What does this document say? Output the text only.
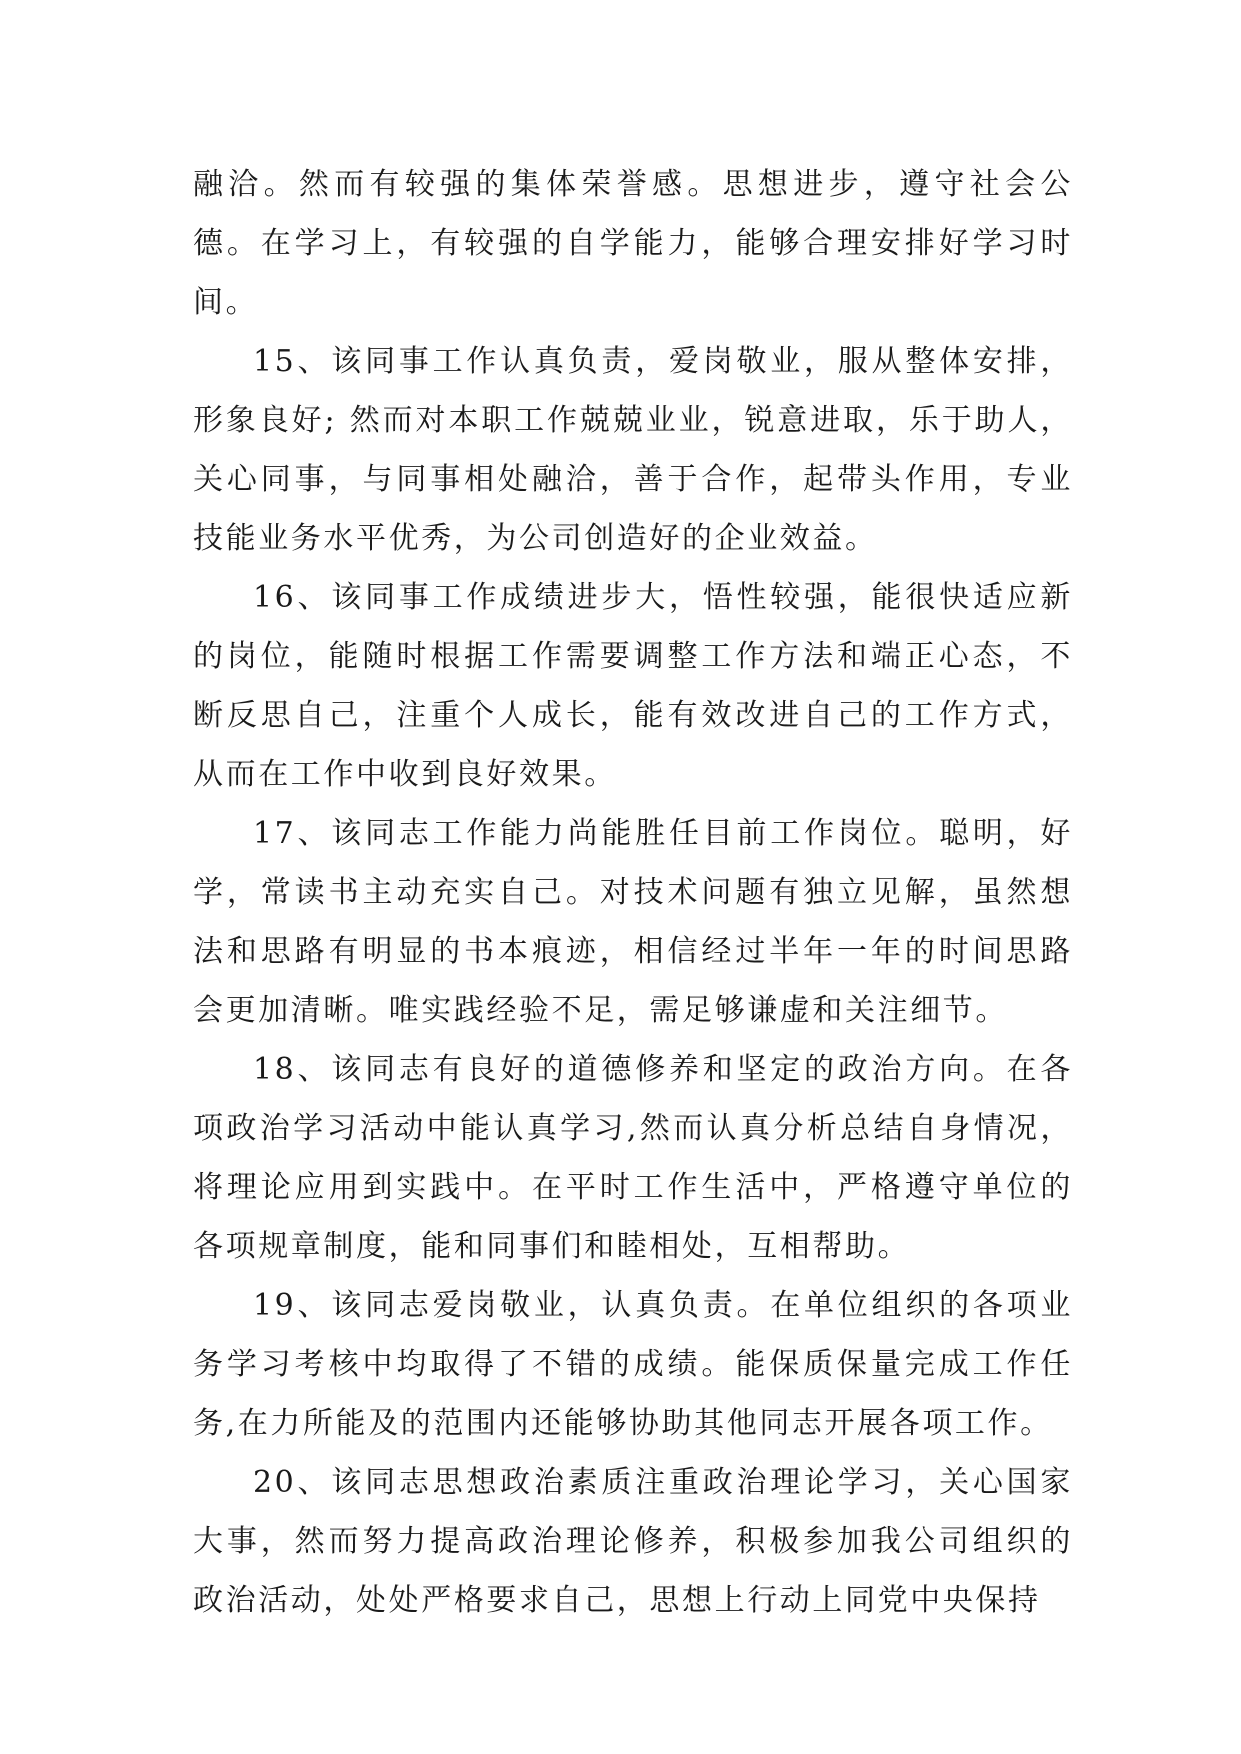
融洽。然而有较强的集体荣誉感。思想进步，遵守社会公德。在学习上，有较强的自学能力，能够合理安排好学习时间。

15、该同事工作认真负责，爱岗敬业，服从整体安排，形象良好; 然而对本职工作兢兢业业，锐意进取，乐于助人，关心同事，与同事相处融洽，善于合作，起带头作用，专业技能业务水平优秀，为公司创造好的企业效益。

16、该同事工作成绩进步大，悟性较强，能很快适应新的岗位，能随时根据工作需要调整工作方法和端正心态，不断反思自己，注重个人成长，能有效改进自己的工作方式，从而在工作中收到良好效果。

17、该同志工作能力尚能胜任目前工作岗位。聪明，好学，常读书主动充实自己。对技术问题有独立见解，虽然想法和思路有明显的书本痕迹，相信经过半年一年的时间思路会更加清晰。唯实践经验不足，需足够谦虚和关注细节。

18、该同志有良好的道德修养和坚定的政治方向。在各项政治学习活动中能认真学习,然而认真分析总结自身情况，将理论应用到实践中。在平时工作生活中，严格遵守单位的各项规章制度，能和同事们和睦相处，互相帮助。

19、该同志爱岗敬业，认真负责。在单位组织的各项业务学习考核中均取得了不错的成绩。能保质保量完成工作任务,在力所能及的范围内还能够协助其他同志开展各项工作。

20、该同志思想政治素质注重政治理论学习，关心国家大事，然而努力提高政治理论修养，积极参加我公司组织的政治活动，处处严格要求自己，思想上行动上同党中央保持
